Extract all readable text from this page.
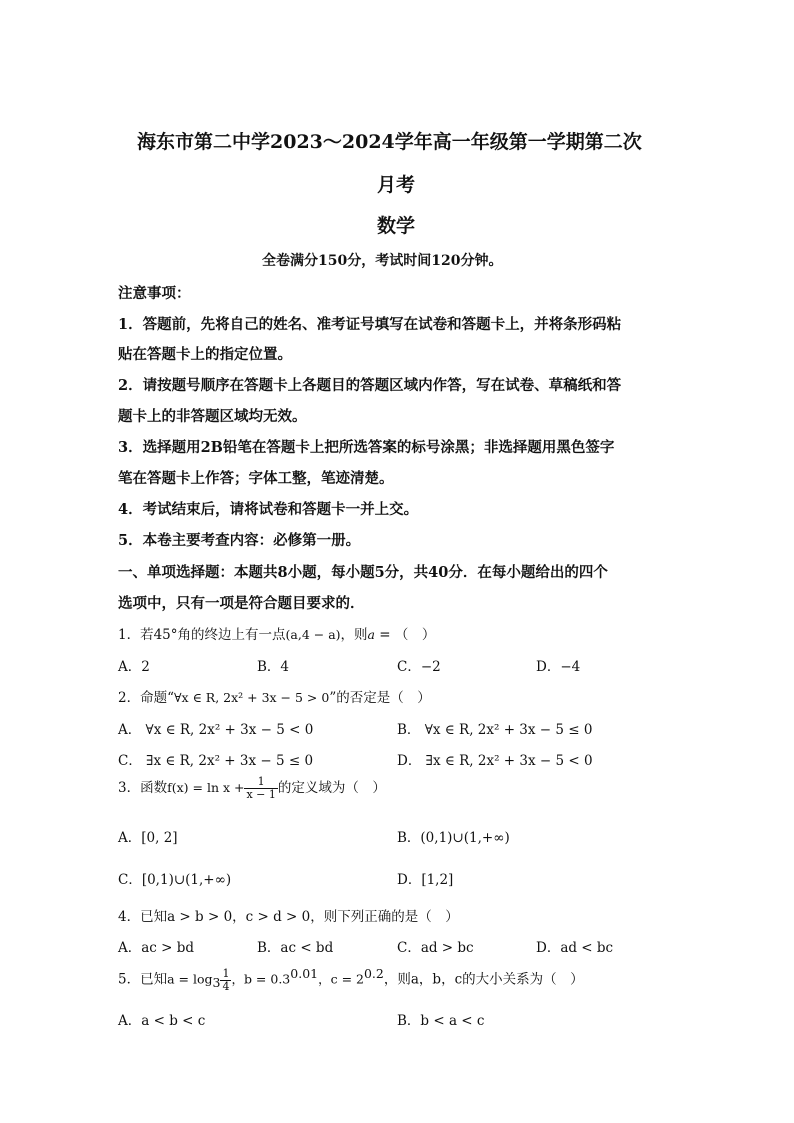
海东市第二中学2023～2024学年高一年级第一学期第二次
月考
数学
全卷满分150分，考试时间120分钟。
注意事项：
1．答题前，先将自己的姓名、准考证号填写在试卷和答题卡上，并将条形码粘
贴在答题卡上的指定位置。
2．请按题号顺序在答题卡上各题目的答题区域内作答，写在试卷、草稿纸和答
题卡上的非答题区域均无效。
3．选择题用2B铅笔在答题卡上把所选答案的标号涂黑；非选择题用黑色签字
笔在答题卡上作答；字体工整，笔迹清楚。
4．考试结束后，请将试卷和答题卡一并上交。
5．本卷主要考查内容：必修第一册。
一、单项选择题：本题共8小题，每小题5分，共40分．在每小题给出的四个
选项中，只有一项是符合题目要求的．
1．若45°角的终边上有一点(a,4 − a)，则a = （　）
A．2	B．4	C．−2	D．−4
2．命题“∀x ∈ R, 2x² + 3x − 5 > 0”的否定是（　）
A． ∀x ∈ R, 2x² + 3x − 5 < 0	B． ∀x ∈ R, 2x² + 3x − 5 ≤ 0
C． ∃x ∈ R, 2x² + 3x − 5 ≤ 0	D． ∃x ∈ R, 2x² + 3x − 5 < 0
3．函数$f(x) = \ln x + \frac{1}{x - 1}$ 的定义域为（　）
A．[0, 2]	B．(0,1)∪(1,+∞)
C．[0,1)∪(1,+∞)	D．[1,2]
4．已知a > b > 0，c > d > 0，则下列正确的是（　）
A．ac > bd	B．ac < bd	C．ad > bc	D．ad < bc
5．已知$a = \log_3 \frac{1}{4}$ ，$b = 0.3^{0.01}$，$c = 2^{0.2}$，则a，b，c的大小关系为（　）
A．a < b < c	B．b < a < c
